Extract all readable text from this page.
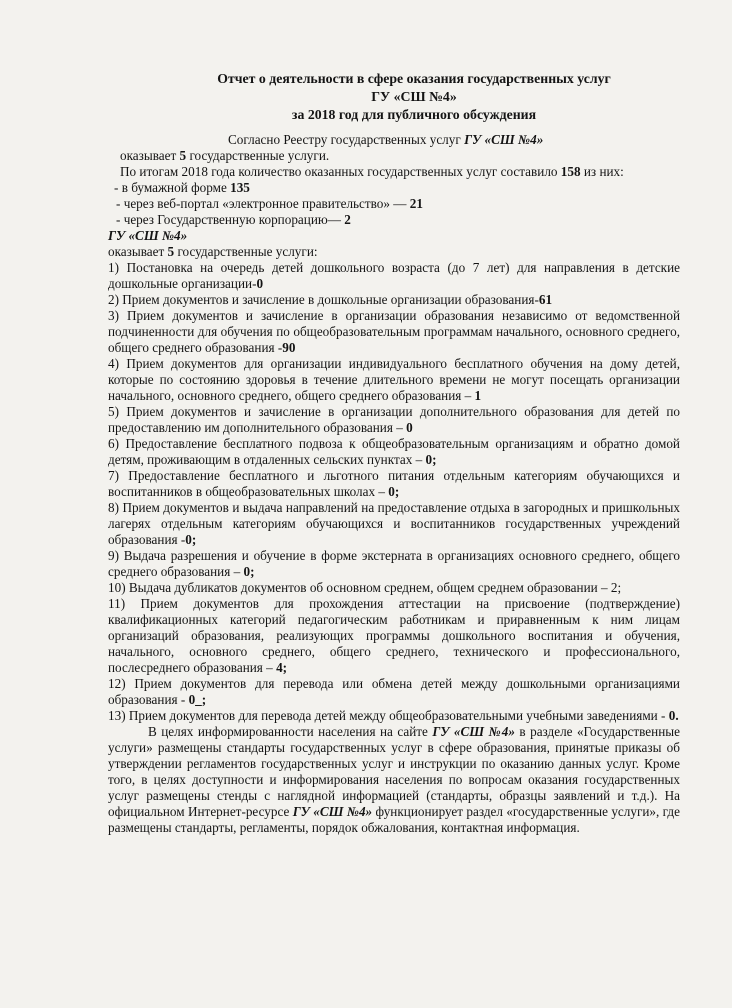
Отчет о деятельности в сфере оказания государственных услуг
ГУ «СШ №4»
за 2018 год для публичного обсуждения

Согласно Реестру государственных услуг ГУ «СШ №4»

оказывает 5 государственные услуги.

По итогам 2018 года количество оказанных государственных услуг составило 158 из них:

- в бумажной форме 135

- через веб-портал «электронное правительство» — 21

- через Государственную корпорацию— 2

ГУ «СШ №4»

оказывает 5 государственные услуги:

1) Постановка на очередь детей дошкольного возраста (до 7 лет) для направления в детские дошкольные организации-0

2) Прием документов и зачисление в дошкольные организации образования-61

3) Прием документов и зачисление в организации образования независимо от ведомственной подчиненности для обучения по общеобразовательным программам начального, основного среднего, общего среднего образования -90

4) Прием документов для организации индивидуального бесплатного обучения на дому детей, которые по состоянию здоровья в течение длительного времени не могут посещать организации начального, основного среднего, общего среднего образования – 1

5) Прием документов и зачисление в организации дополнительного образования для детей по предоставлению им дополнительного образования – 0

6) Предоставление бесплатного подвоза к общеобразовательным организациям и обратно домой детям, проживающим в отдаленных сельских пунктах – 0;

7) Предоставление бесплатного и льготного питания отдельным категориям обучающихся и воспитанников в общеобразовательных школах – 0;

8) Прием документов и выдача направлений на предоставление отдыха в загородных и пришкольных лагерях отдельным категориям обучающихся и воспитанников государственных учреждений образования -0;

9) Выдача разрешения и обучение в форме экстерната в организациях основного среднего, общего среднего образования – 0;

10) Выдача дубликатов документов об основном среднем, общем среднем образовании – 2;

11) Прием документов для прохождения аттестации на присвоение (подтверждение) квалификационных категорий педагогическим работникам и приравненным к ним лицам организаций образования, реализующих программы дошкольного воспитания и обучения, начального, основного среднего, общего среднего, технического и профессионального, послесреднего образования – 4;

12) Прием документов для перевода или обмена детей между дошкольными организациями образования - 0_;

13) Прием документов для перевода детей между общеобразовательными учебными заведениями - 0.

В целях информированности населения на сайте ГУ «СШ №4» в разделе «Государственные услуги» размещены стандарты государственных услуг в сфере образования, принятые приказы об утверждении регламентов государственных услуг и инструкции по оказанию данных услуг. Кроме того, в целях доступности и информирования населения по вопросам оказания государственных услуг размещены стенды с наглядной информацией (стандарты, образцы заявлений и т.д.). На официальном Интернет-ресурсе ГУ «СШ №4» функционирует раздел «государственные услуги», где размещены стандарты, регламенты, порядок обжалования, контактная информация.
